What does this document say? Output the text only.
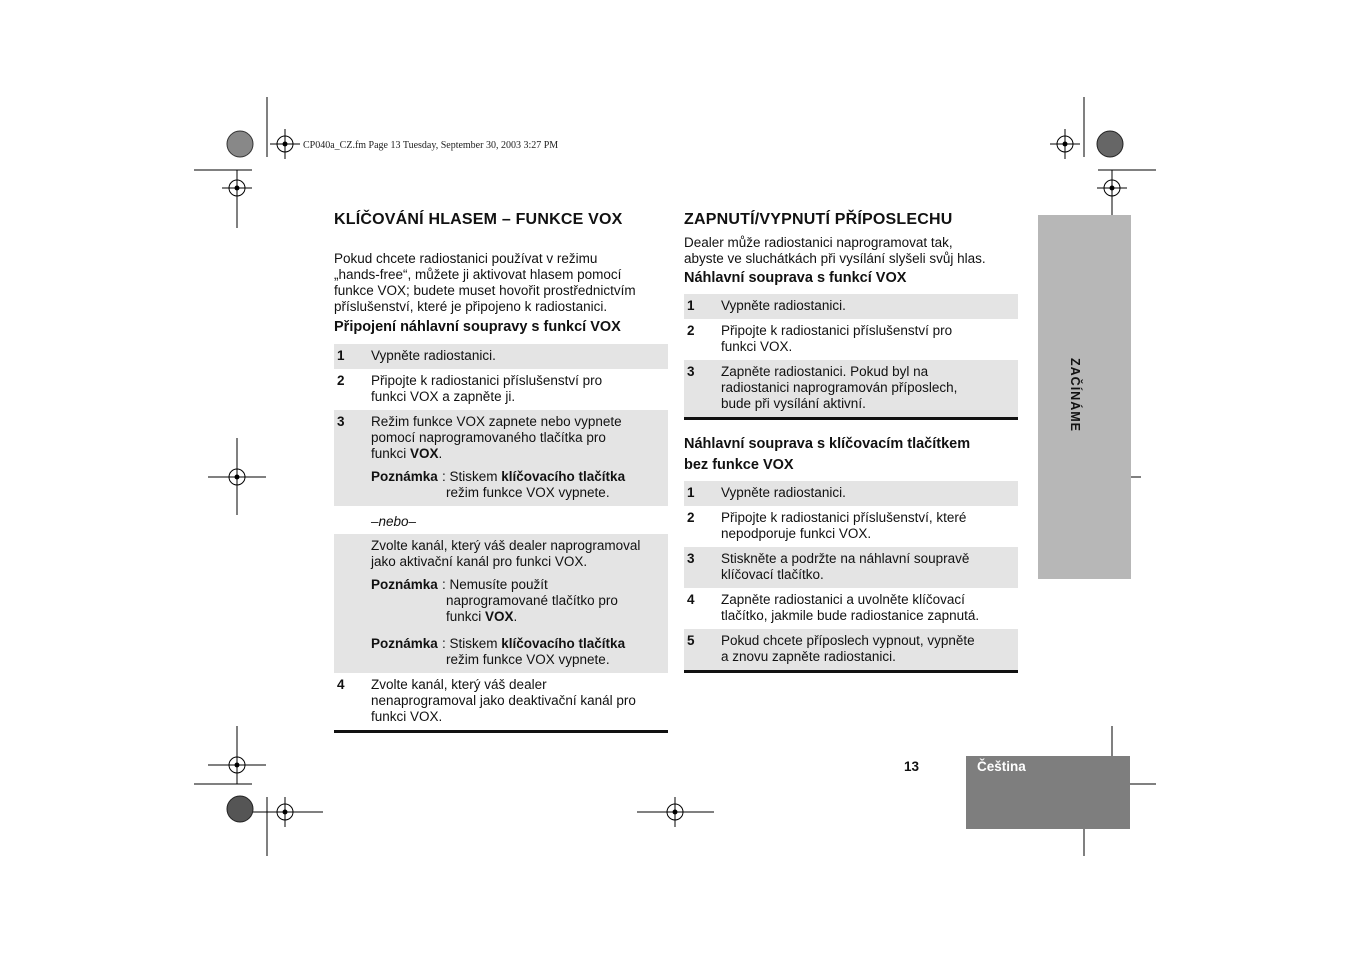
CP040a_CZ.fm Page 13 Tuesday, September 30, 2003 3:27 PM
KLÍČOVÁNÍ HLASEM – FUNKCE VOX
Pokud chcete radiostanici používat v režimu
„hands-free“, můžete ji aktivovat hlasem pomocí
funkce VOX; budete muset hovořit prostřednictvím
příslušenství, které je připojeno k radiostanici.
Připojení náhlavní soupravy s funkcí VOX
1	Vypněte radiostanici.
2	Připojte k radiostanici příslušenství pro
funkci VOX a zapněte ji.
3	Režim funkce VOX zapnete nebo vypnete
pomocí naprogramovaného tlačítka pro
funkci VOX.
Poznámka : Stiskem klíčovacího tlačítka
režim funkce VOX vypnete.
–nebo–
Zvolte kanál, který váš dealer naprogramoval
jako aktivační kanál pro funkci VOX.
Poznámka : Nemusíte použít
naprogramované tlačítko pro
funkci VOX.
Poznámka : Stiskem klíčovacího tlačítka
režim funkce VOX vypnete.
4	Zvolte kanál, který váš dealer
nenaprogramoval jako deaktivační kanál pro
funkci VOX.
ZAPNUTÍ/VYPNUTÍ PŘÍPOSLECHU
Dealer může radiostanici naprogramovat tak,
abyste ve sluchátkách při vysílání slyšeli svůj hlas.
Náhlavní souprava s funkcí VOX
1	Vypněte radiostanici.
2	Připojte k radiostanici příslušenství pro
funkci VOX.
3	Zapněte radiostanici. Pokud byl na
radiostanici naprogramován příposlech,
bude při vysílání aktivní.
Náhlavní souprava s klíčovacím tlačítkem
bez funkce VOX
1	Vypněte radiostanici.
2	Připojte k radiostanici příslušenství, které
nepodporuje funkci VOX.
3	Stiskněte a podržte na náhlavní soupravě
klíčovací tlačítko.
4	Zapněte radiostanici a uvolněte klíčovací
tlačítko, jakmile bude radiostanice zapnutá.
5	Pokud chcete příposlech vypnout, vypněte
a znovu zapněte radiostanici.
ZAČÍNÁME
13	Čeština
